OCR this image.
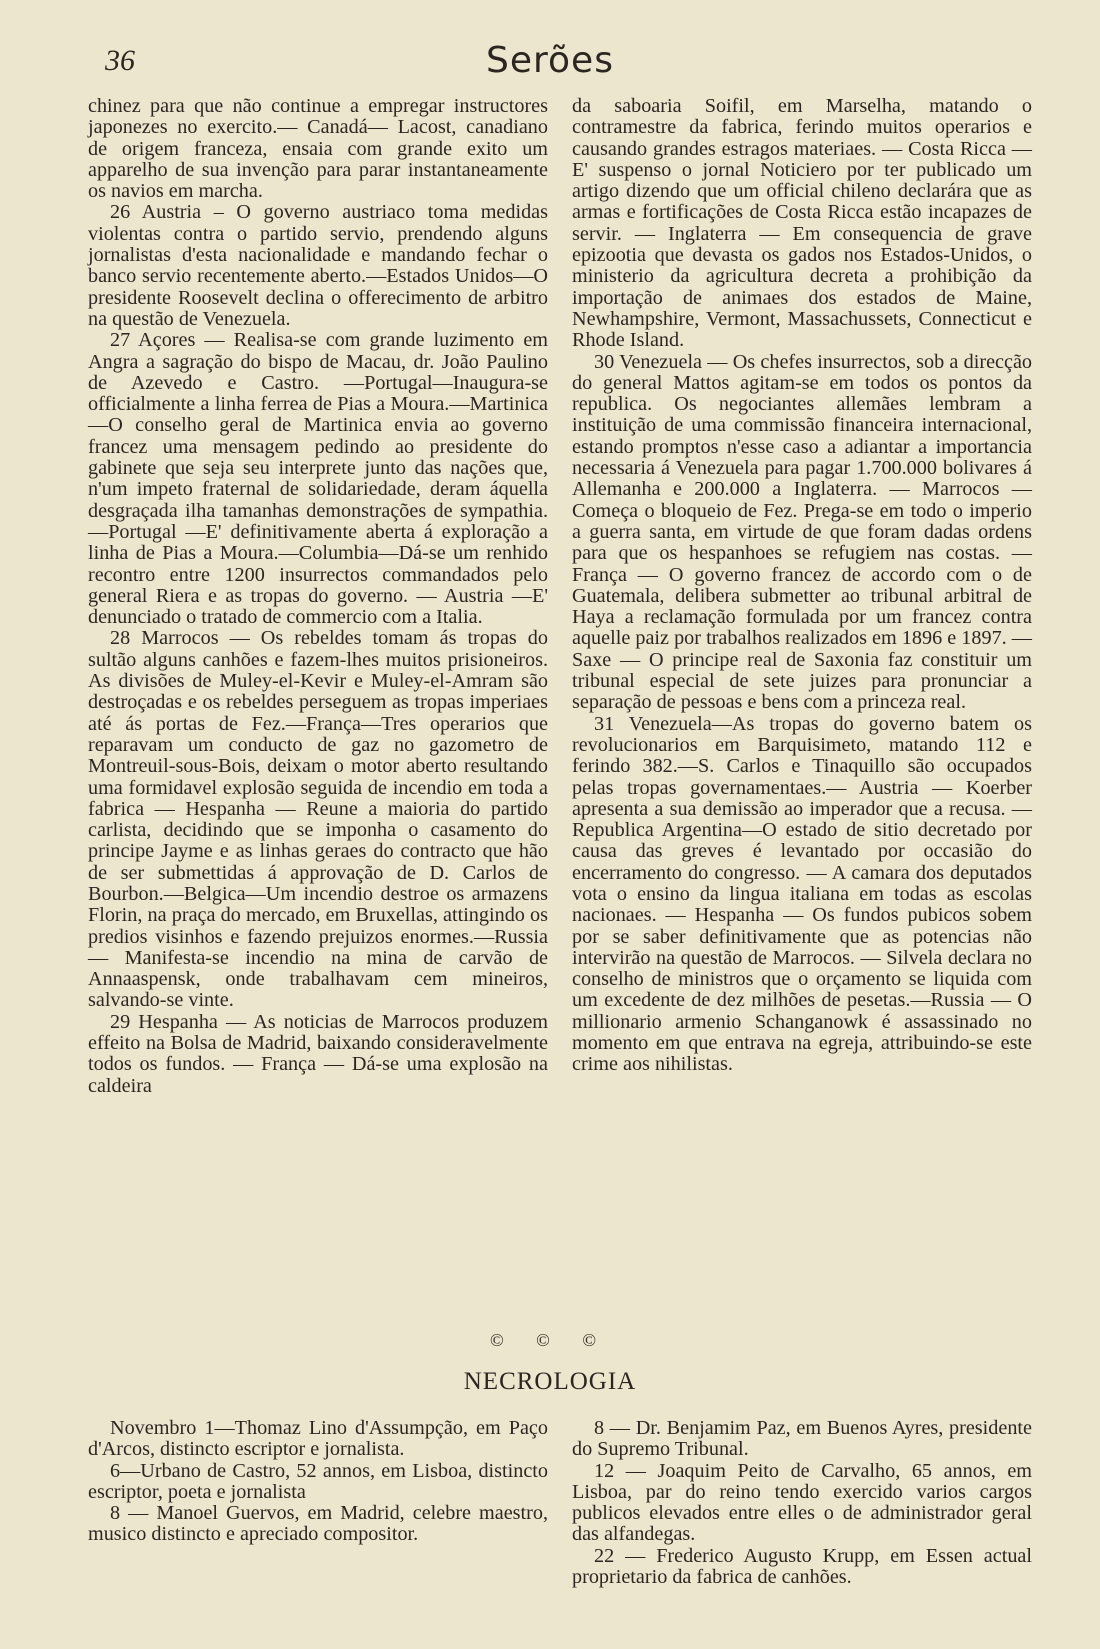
36	Serões

chinez para que não continue a empregar instructores japonezes no exercito.— Canadá— Lacost, canadiano de origem franceza, ensaia com grande exito um apparelho de sua invenção para parar instantaneamente os navios em marcha.

26 Austria – O governo austriaco toma medidas violentas contra o partido servio, prendendo alguns jornalistas d'esta nacionalidade e mandando fechar o banco servio recentemente aberto.—Estados Unidos—O presidente Roosevelt declina o offerecimento de arbitro na questão de Venezuela.

27 Açores — Realisa-se com grande luzimento em Angra a sagração do bispo de Macau, dr. João Paulino de Azevedo e Castro. —Portugal—Inaugura-se officialmente a linha ferrea de Pias a Moura.—Martinica—O conselho geral de Martinica envia ao governo francez uma mensagem pedindo ao presidente do gabinete que seja seu interprete junto das nações que, n'um impeto fraternal de solidariedade, deram áquella desgraçada ilha tamanhas demonstrações de sympathia.—Portugal —E' definitivamente aberta á exploração a linha de Pias a Moura.—Columbia—Dá-se um renhido recontro entre 1200 insurrectos commandados pelo general Riera e as tropas do governo. — Austria —E' denunciado o tratado de commercio com a Italia.

28 Marrocos — Os rebeldes tomam ás tropas do sultão alguns canhões e fazem-lhes muitos prisioneiros. As divisões de Muley-el-Kevir e Muley-el-Amram são destroçadas e os rebeldes perseguem as tropas imperiaes até ás portas de Fez.—França—Tres operarios que reparavam um conducto de gaz no gazometro de Montreuil-sous-Bois, deixam o motor aberto resultando uma formidavel explosão seguida de incendio em toda a fabrica — Hespanha — Reune a maioria do partido carlista, decidindo que se imponha o casamento do principe Jayme e as linhas geraes do contracto que hão de ser submettidas á approvação de D. Carlos de Bourbon.—Belgica—Um incendio destroe os armazens Florin, na praça do mercado, em Bruxellas, attingindo os predios visinhos e fazendo prejuizos enormes.—Russia — Manifesta-se incendio na mina de carvão de Annaaspensk, onde trabalhavam cem mineiros, salvando-se vinte.

29 Hespanha — As noticias de Marrocos produzem effeito na Bolsa de Madrid, baixando consideravelmente todos os fundos. — França — Dá-se uma explosão na caldeira

da saboaria Soifil, em Marselha, matando o contramestre da fabrica, ferindo muitos operarios e causando grandes estragos materiaes. — Costa Ricca — E' suspenso o jornal Noticiero por ter publicado um artigo dizendo que um official chileno declarára que as armas e fortificações de Costa Ricca estão incapazes de servir. — Inglaterra — Em consequencia de grave epizootia que devasta os gados nos Estados-Unidos, o ministerio da agricultura decreta a prohibição da importação de animaes dos estados de Maine, Newhampshire, Vermont, Massachussets, Connecticut e Rhode Island.

30 Venezuela — Os chefes insurrectos, sob a direcção do general Mattos agitam-se em todos os pontos da republica. Os negociantes allemães lembram a instituição de uma commissão financeira internacional, estando promptos n'esse caso a adiantar a importancia necessaria á Venezuela para pagar 1.700.000 bolivares á Allemanha e 200.000 a Inglaterra. — Marrocos — Começa o bloqueio de Fez. Prega-se em todo o imperio a guerra santa, em virtude de que foram dadas ordens para que os hespanhoes se refugiem nas costas. — França — O governo francez de accordo com o de Guatemala, delibera submetter ao tribunal arbitral de Haya a reclamação formulada por um francez contra aquelle paiz por trabalhos realizados em 1896 e 1897. — Saxe — O principe real de Saxonia faz constituir um tribunal especial de sete juizes para pronunciar a separação de pessoas e bens com a princeza real.

31 Venezuela—As tropas do governo batem os revolucionarios em Barquisimeto, matando 112 e ferindo 382.—S. Carlos e Tinaquillo são occupados pelas tropas governamentaes.— Austria — Koerber apresenta a sua demissão ao imperador que a recusa. — Republica Argentina—O estado de sitio decretado por causa das greves é levantado por occasião do encerramento do congresso. — A camara dos deputados vota o ensino da lingua italiana em todas as escolas nacionaes. — Hespanha — Os fundos pubicos sobem por se saber definitivamente que as potencias não intervirão na questão de Marrocos. — Silvela declara no conselho de ministros que o orçamento se liquida com um excedente de dez milhões de pesetas.—Russia — O millionario armenio Schanganowk é assassinado no momento em que entrava na egreja, attribuindo-se este crime aos nihilistas.

© © ©
NECROLOGIA

Novembro 1—Thomaz Lino d'Assumpção, em Paço d'Arcos, distincto escriptor e jornalista.

6—Urbano de Castro, 52 annos, em Lisboa, distincto escriptor, poeta e jornalista

8 — Manoel Guervos, em Madrid, celebre maestro, musico distincto e apreciado compositor.

8 — Dr. Benjamim Paz, em Buenos Ayres, presidente do Supremo Tribunal.

12 — Joaquim Peito de Carvalho, 65 annos, em Lisboa, par do reino tendo exercido varios cargos publicos elevados entre elles o de administrador geral das alfandegas.

22 — Frederico Augusto Krupp, em Essen actual proprietario da fabrica de canhões.
